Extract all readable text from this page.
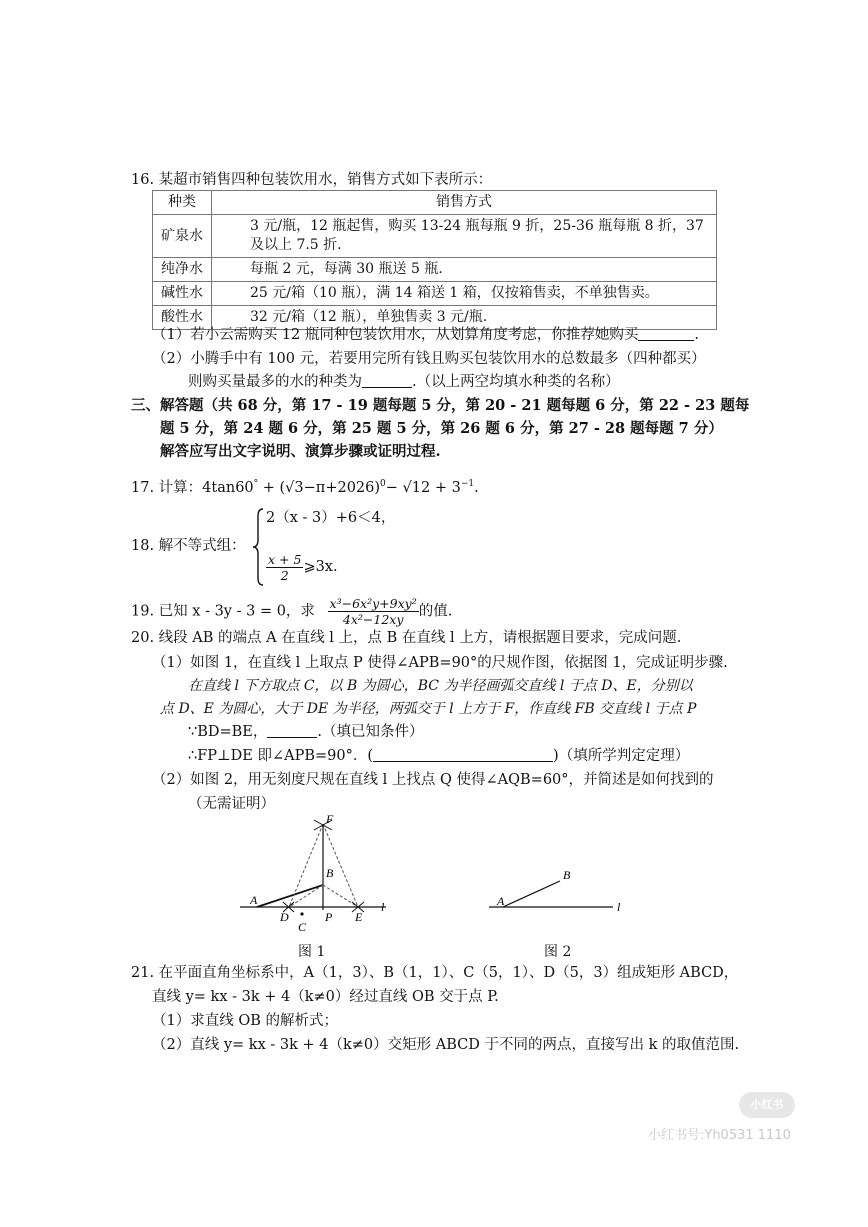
16. 某超市销售四种包装饮用水，销售方式如下表所示：
种类	销售方式
矿泉水	3 元/瓶，12 瓶起售，购买 13-24 瓶每瓶 9 折，25-36 瓶每瓶 8 折，37 及以上 7.5 折.
纯净水	每瓶 2 元，每满 30 瓶送 5 瓶.
碱性水	25 元/箱（10 瓶），满 14 箱送 1 箱，仅按箱售卖，不单独售卖。
酸性水	32 元/箱（12 瓶），单独售卖 3 元/瓶.
（1）若小云需购买 12 瓶同种包装饮用水，从划算角度考虑，你推荐她购买	.
（2）小腾手中有 100 元，若要用完所有钱且购买包装饮用水的总数最多（四种都买）
则购买量最多的水的种类为	.（以上两空均填水种类的名称）
三、解答题（共 68 分，第 17 - 19 题每题 5 分，第 20 - 21 题每题 6 分，第 22 - 23 题每
题 5 分，第 24 题 6 分，第 25 题 5 分，第 26 题 6 分，第 27 - 28 题每题 7 分）
解答应写出文字说明、演算步骤或证明过程.
17. 计算：$4\tan 60^\circ + (√3-\pi+2026)^0- √12 + 3^{-1}$.
18. 解不等式组：
2（x - 3）+6＜4，
$\frac{x + 5}{2}$ ⩾3x.
19. 已知 x - 3y - 3 = 0，求 $\frac{\text{x³−6x²y+9xy²}}{\text{4x²−12xy}}$ 的值.
20. 线段 AB 的端点 A 在直线 l 上，点 B 在直线 l 上方，请根据题目要求，完成问题.
（1）如图 1，在直线 l 上取点 P 使得∠APB=90°的尺规作图，依据图 1，完成证明步骤.
在直线 l 下方取点 C，以 B 为圆心，BC 为半径画弧交直线 l 于点 D、E，分别以
点 D、E 为圆心，大于 DE 为半径，两弧交于 l 上方于 F，作直线 FB 交直线 l 于点 P
∵BD=BE，	.（填已知条件）
∴FP⊥DE 即∠APB=90°．(	)（填所学判定定理）
（2）如图 2，用无刻度尺规在直线 l 上找点 Q 使得∠AQB=60°，并简述是如何找到的
（无需证明）
F
B
A
D	P E
C
l
图 1
A
B
l
图 2
21. 在平面直角坐标系中，A（1，3）、B（1，1）、C（5，1）、D（5，3）组成矩形 ABCD，
直线 y= kx - 3k + 4（k≠0）经过直线 OB 交于点 P.
（1）求直线 OB 的解析式；
（2）直线 y= kx - 3k + 4（k≠0）交矩形 ABCD 于不同的两点，直接写出 k 的取值范围.
小红书
小红书号:Yh0531 1110
